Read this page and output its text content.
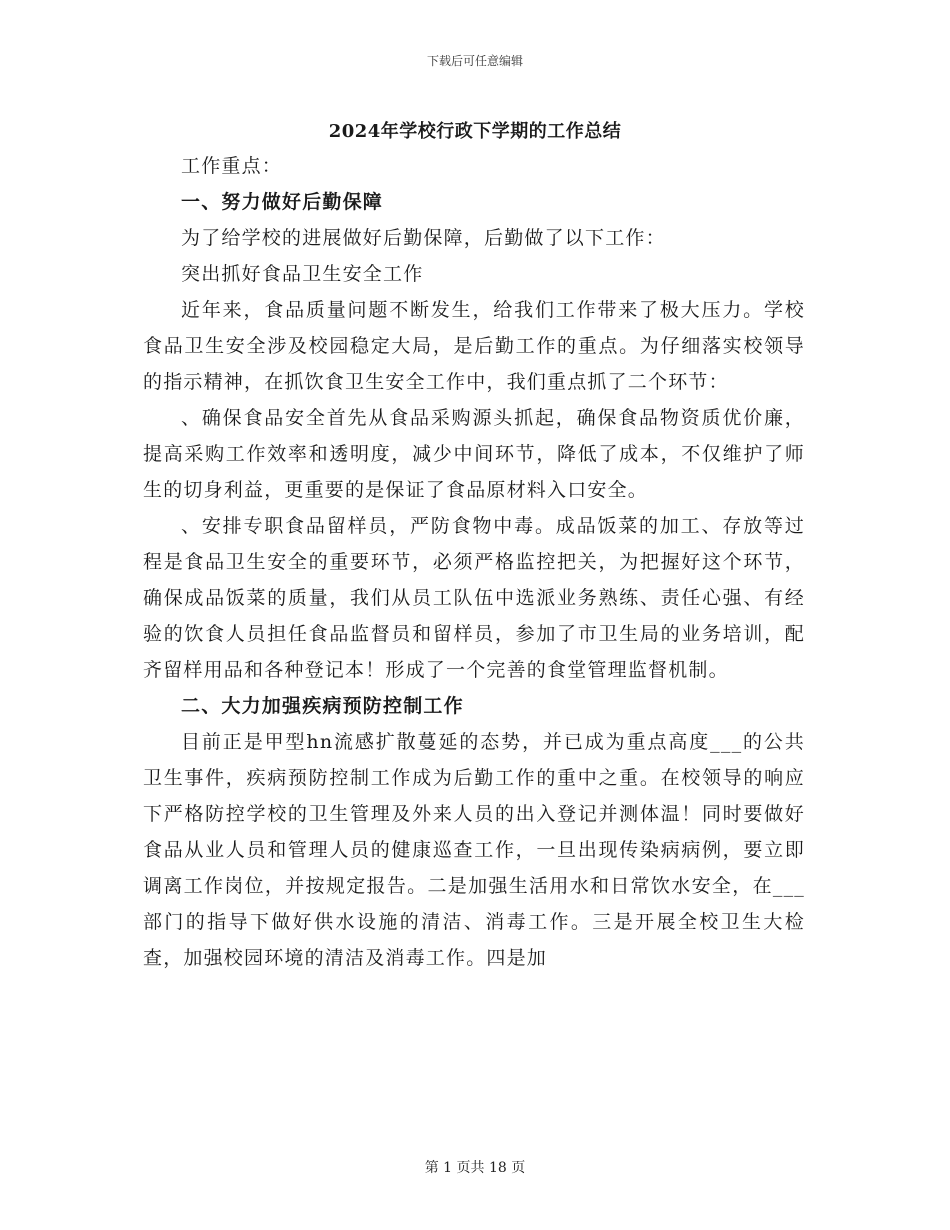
下载后可任意编辑
2024年学校行政下学期的工作总结

工作重点：

一、努力做好后勤保障

为了给学校的进展做好后勤保障，后勤做了以下工作：

突出抓好食品卫生安全工作

近年来，食品质量问题不断发生，给我们工作带来了极大压力。学校食品卫生安全涉及校园稳定大局，是后勤工作的重点。为仔细落实校领导的指示精神，在抓饮食卫生安全工作中，我们重点抓了二个环节：

、确保食品安全首先从食品采购源头抓起，确保食品物资质优价廉，提高采购工作效率和透明度，减少中间环节，降低了成本，不仅维护了师生的切身利益，更重要的是保证了食品原材料入口安全。

、安排专职食品留样员，严防食物中毒。成品饭菜的加工、存放等过程是食品卫生安全的重要环节，必须严格监控把关，为把握好这个环节，确保成品饭菜的质量，我们从员工队伍中选派业务熟练、责任心强、有经验的饮食人员担任食品监督员和留样员，参加了市卫生局的业务培训，配齐留样用品和各种登记本！形成了一个完善的食堂管理监督机制。

二、大力加强疾病预防控制工作

目前正是甲型hn流感扩散蔓延的态势，并已成为重点高度___的公共卫生事件，疾病预防控制工作成为后勤工作的重中之重。在校领导的响应下严格防控学校的卫生管理及外来人员的出入登记并测体温！同时要做好食品从业人员和管理人员的健康巡查工作，一旦出现传染病病例，要立即调离工作岗位，并按规定报告。二是加强生活用水和日常饮水安全，在___部门的指导下做好供水设施的清洁、消毒工作。三是开展全校卫生大检查，加强校园环境的清洁及消毒工作。四是加

第 1 页共 18 页
